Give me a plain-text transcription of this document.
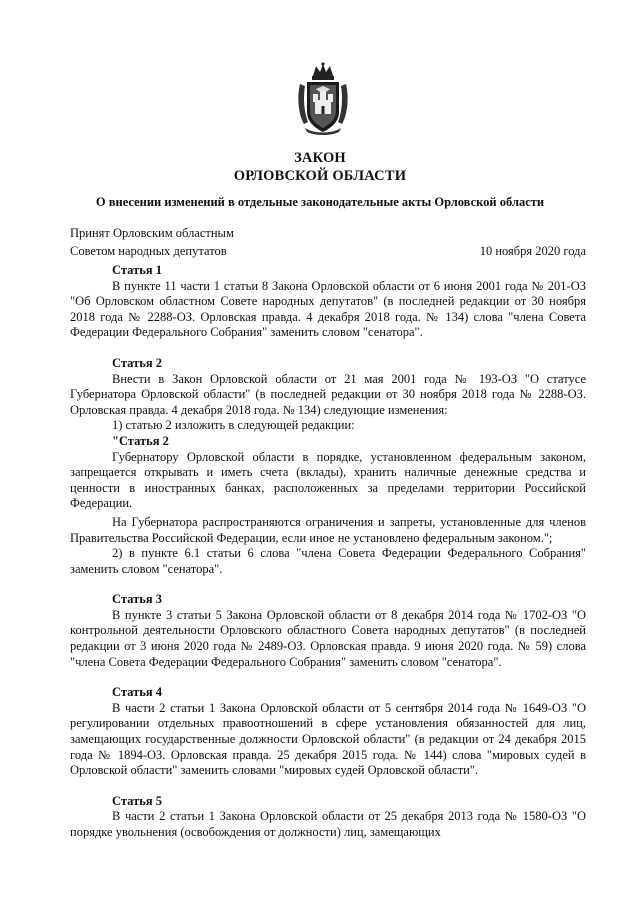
ЗАКОН
ОРЛОВСКОЙ ОБЛАСТИ
О внесении изменений в отдельные законодательные акты Орловской области
Принят Орловским областным
Советом народных депутатов	10 ноября 2020 года
Статья 1
В пункте 11 части 1 статьи 8 Закона Орловской области от 6 июня 2001 года № 201-ОЗ "Об Орловском областном Совете народных депутатов" (в последней редакции от 30 ноября 2018 года № 2288-ОЗ. Орловская правда. 4 декабря 2018 года. № 134) слова "члена Совета Федерации Федерального Собрания" заменить словом "сенатора".
Статья 2
Внести в Закон Орловской области от 21 мая 2001 года № 193-ОЗ "О статусе Губернатора Орловской области" (в последней редакции от 30 ноября 2018 года № 2288-ОЗ. Орловская правда. 4 декабря 2018 года. № 134) следующие изменения:
1) статью 2 изложить в следующей редакции:
"Статья 2
Губернатору Орловской области в порядке, установленном федеральным законом, запрещается открывать и иметь счета (вклады), хранить наличные денежные средства и ценности в иностранных банках, расположенных за пределами территории Российской Федерации.
На Губернатора распространяются ограничения и запреты, установленные для членов Правительства Российской Федерации, если иное не установлено федеральным законом.";
2) в пункте 6.1 статьи 6 слова "члена Совета Федерации Федерального Собрания" заменить словом "сенатора".
Статья 3
В пункте 3 статьи 5 Закона Орловской области от 8 декабря 2014 года № 1702-ОЗ "О контрольной деятельности Орловского областного Совета народных депутатов" (в последней редакции от 3 июня 2020 года № 2489-ОЗ. Орловская правда. 9 июня 2020 года. № 59) слова "члена Совета Федерации Федерального Собрания" заменить словом "сенатора".
Статья 4
В части 2 статьи 1 Закона Орловской области от 5 сентября 2014 года № 1649-ОЗ "О регулировании отдельных правоотношений в сфере установления обязанностей для лиц, замещающих государственные должности Орловской области" (в редакции от 24 декабря 2015 года № 1894-ОЗ. Орловская правда. 25 декабря 2015 года. № 144) слова "мировых судей в Орловской области" заменить словами "мировых судей Орловской области".
Статья 5
В части 2 статьи 1 Закона Орловской области от 25 декабря 2013 года № 1580-ОЗ "О порядке увольнения (освобождения от должности) лиц, замещающих
